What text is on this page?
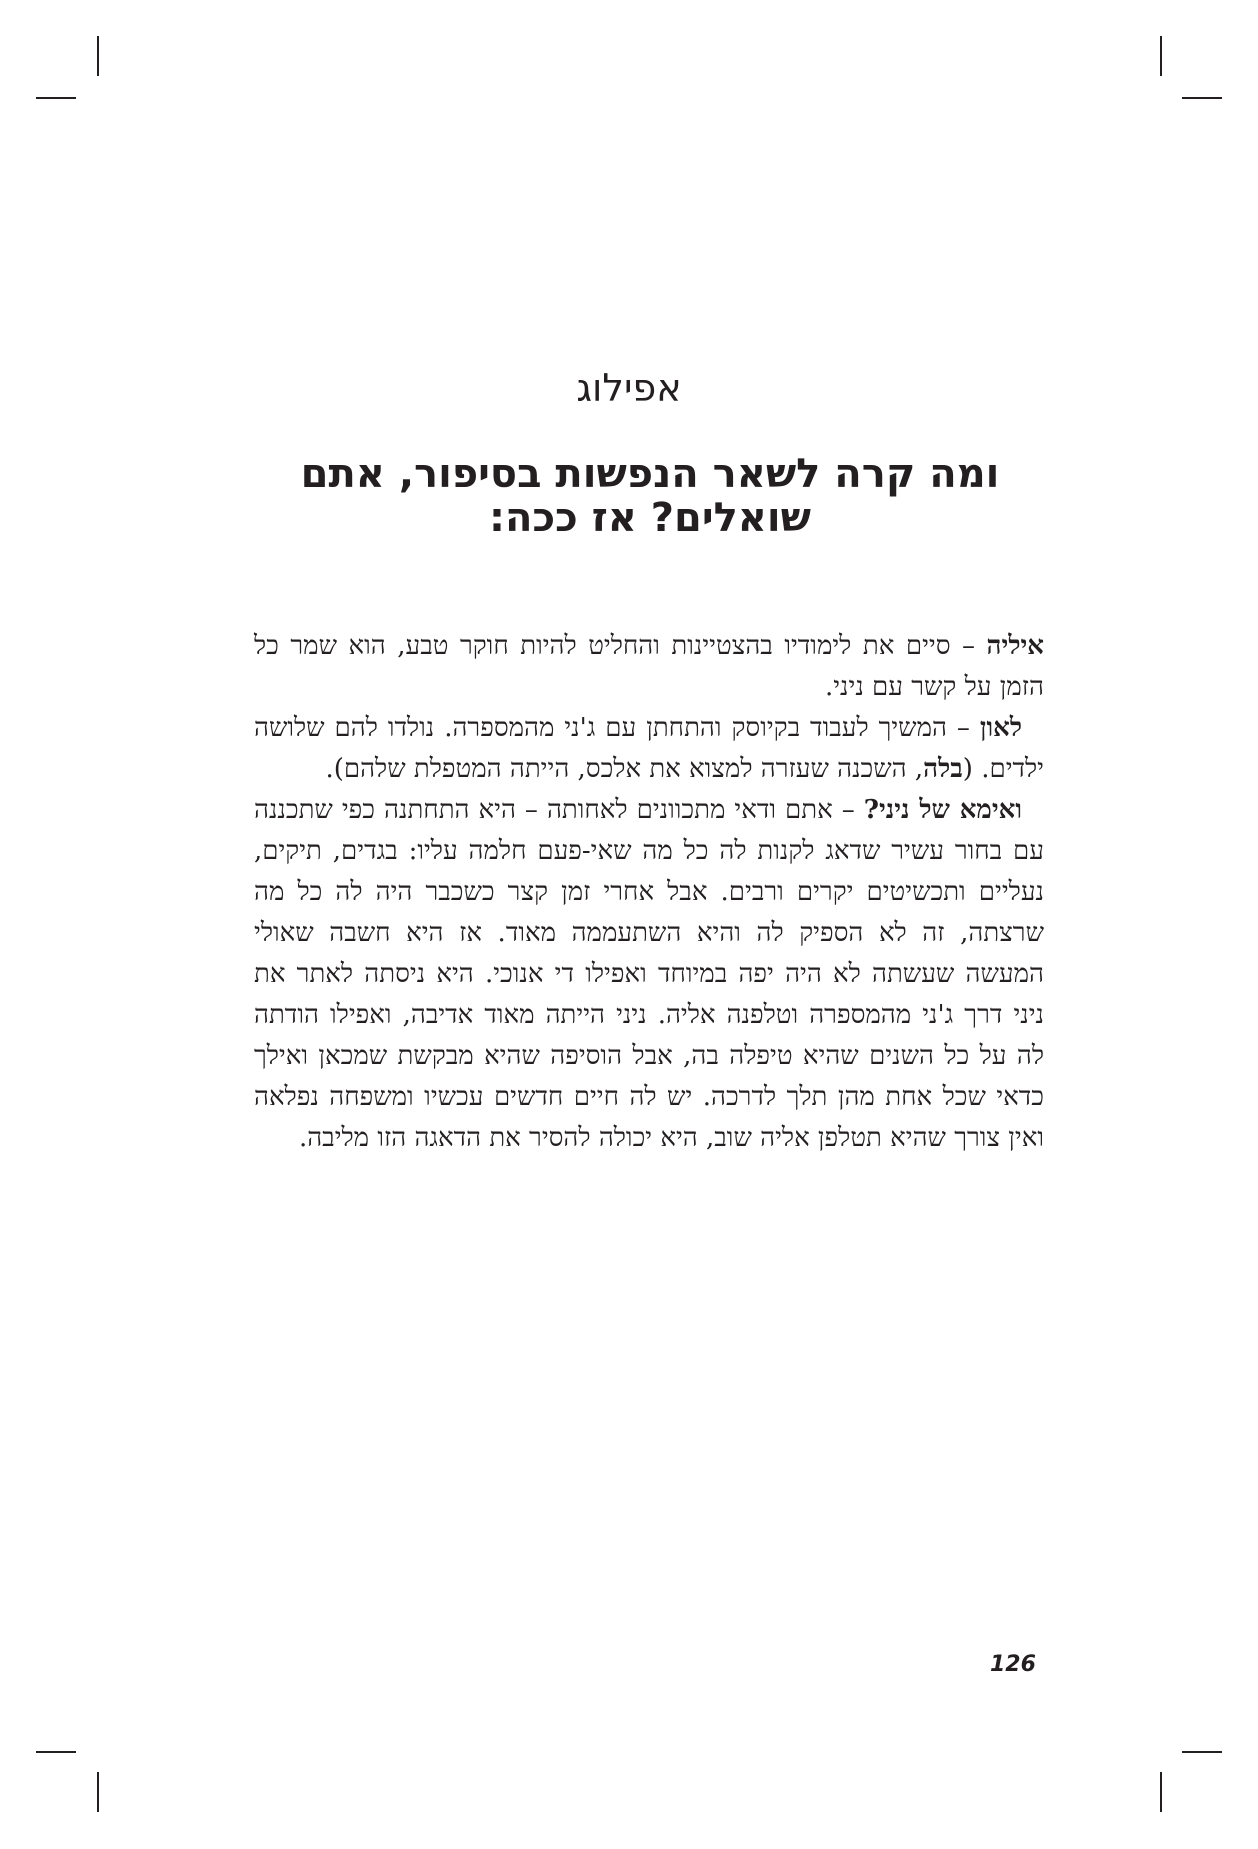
אפילוג
ומה קרה לשאר הנפשות בסיפור, אתם שואלים? אז ככה:

איליה – סיים את לימודיו בהצטיינות והחליט להיות חוקר טבע, הוא שמר כל הזמן על קשר עם ניני.

לאון – המשיך לעבוד בקיוסק והתחתן עם ג'ני מהמספרה. נולדו להם שלושה ילדים. (בלה, השכנה שעזרה למצוא את אלכס, הייתה המטפלת שלהם).

ואימא של ניני? – אתם ודאי מתכוונים לאחותה – היא התחתנה כפי שתכננה עם בחור עשיר שדאג לקנות לה כל מה שאי-פעם חלמה עליו: בגדים, תיקים, נעליים ותכשיטים יקרים ורבים. אבל אחרי זמן קצר כשכבר היה לה כל מה שרצתה, זה לא הספיק לה והיא השתעממה מאוד. אז היא חשבה שאולי המעשה שעשתה לא היה יפה במיוחד ואפילו די אנוכי. היא ניסתה לאתר את ניני דרך ג'ני מהמספרה וטלפנה אליה. ניני הייתה מאוד אדיבה, ואפילו הודתה לה על כל השנים שהיא טיפלה בה, אבל הוסיפה שהיא מבקשת שמכאן ואילך כדאי שכל אחת מהן תלך לדרכה. יש לה חיים חדשים עכשיו ומשפחה נפלאה ואין צורך שהיא תטלפן אליה שוב, היא יכולה להסיר את הדאגה הזו מליבה.

126
